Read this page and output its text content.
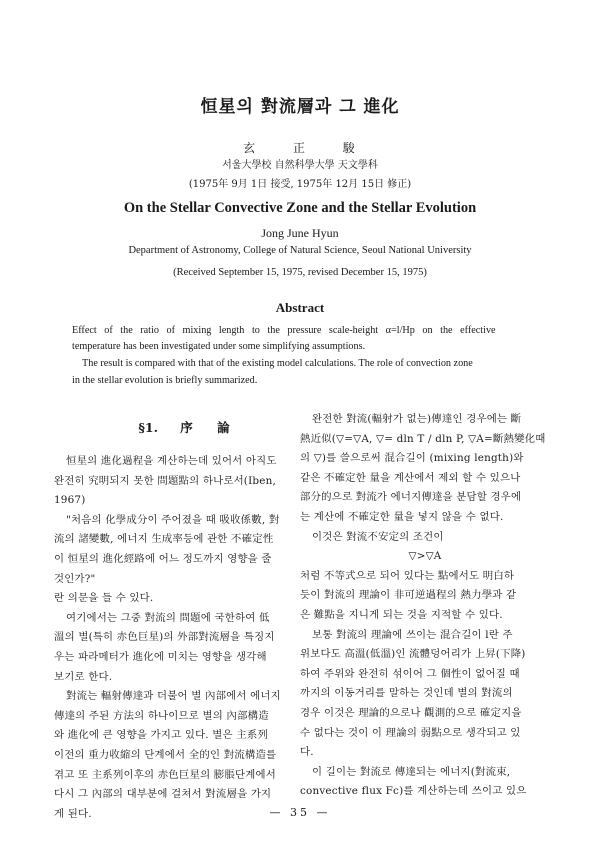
恒星의 對流層과 그 進化
玄 正 駿
서울大學校 自然科學大學 天文學科
(1975年 9月 1日 接受, 1975年 12月 15日 修正)
On the Stellar Convective Zone and the Stellar Evolution
Jong June Hyun
Department of Astronomy, College of Natural Science, Seoul National University
(Received September 15, 1975, revised December 15, 1975)
Abstract
Effect of the ratio of mixing length to the pressure scale-height α=l/Hp on the effective
temperature has been investigated under some simplifying assumptions.
The result is compared with that of the existing model calculations. The role of convection zone
in the stellar evolution is briefly summarized.
§1. 序 論
恒星의 進化過程을 계산하는데 있어서 아직도
완전히 究明되지 못한 問題點의 하나로서(Iben,
1967)
"처음의 化學成分이 주어졌을 때 吸收係數, 對
流의 諸變數, 에너지 生成率등에 관한 不確定性
이 恒星의 進化經路에 어느 정도까지 영향을 줄
것인가?"
란 의문을 들 수 있다.
여기에서는 그중 對流의 問題에 국한하여 低
溫의 별(특히 赤色巨星)의 外部對流層을 특징지
우는 파라메터가 進化에 미치는 영향을 생각해
보기로 한다.
對流는 輻射傳達과 더불어 별 內部에서 에너지
傳達의 주된 方法의 하나이므로 별의 內部構造
와 進化에 큰 영향을 가지고 있다. 별은 主系列
이전의 重力收縮의 단계에서 全的인 對流構造를
겪고 또 主系列이후의 赤色巨星의 膨脹단계에서
다시 그 內部의 대부분에 걸쳐서 對流層을 가지
게 된다.
완전한 對流(輻射가 없는)傳達인 경우에는 斷
熱近似(▽=▽A, ▽= dln T / dln P, ▽A=斷熱變化때
의 ▽)를 쓸으로써 混合길이 (mixing length)와
같은 不確定한 量을 계산에서 제외 할 수 있으나
部分的으로 對流가 에너지傳達을 분담할 경우에
는 계산에 不確定한 量을 넣지 않을 수 없다.
이것은 對流不安定의 조건이
▽>▽A
처럼 不等式으로 되어 있다는 點에서도 明白하
듯이 對流의 理論이 非可逆過程의 熱力學과 같
은 難點을 지니게 되는 것을 지적할 수 있다.
보통 對流의 理論에 쓰이는 混合길이 l란 주
위보다도 高溫(低溫)인 流體덩어리가 上昇(下降)
하여 주위와 완전히 섞이어 그 個性이 없어질 때
까지의 이동거리를 말하는 것인데 별의 對流의
경우 이것은 理論的으로나 觀測的으로 確定지을
수 없다는 것이 이 理論의 弱點으로 생각되고 있
다.
이 길이는 對流로 傳達되는 에너지(對流束,
convective flux Fc)를 계산하는데 쓰이고 있으
— 35 —
